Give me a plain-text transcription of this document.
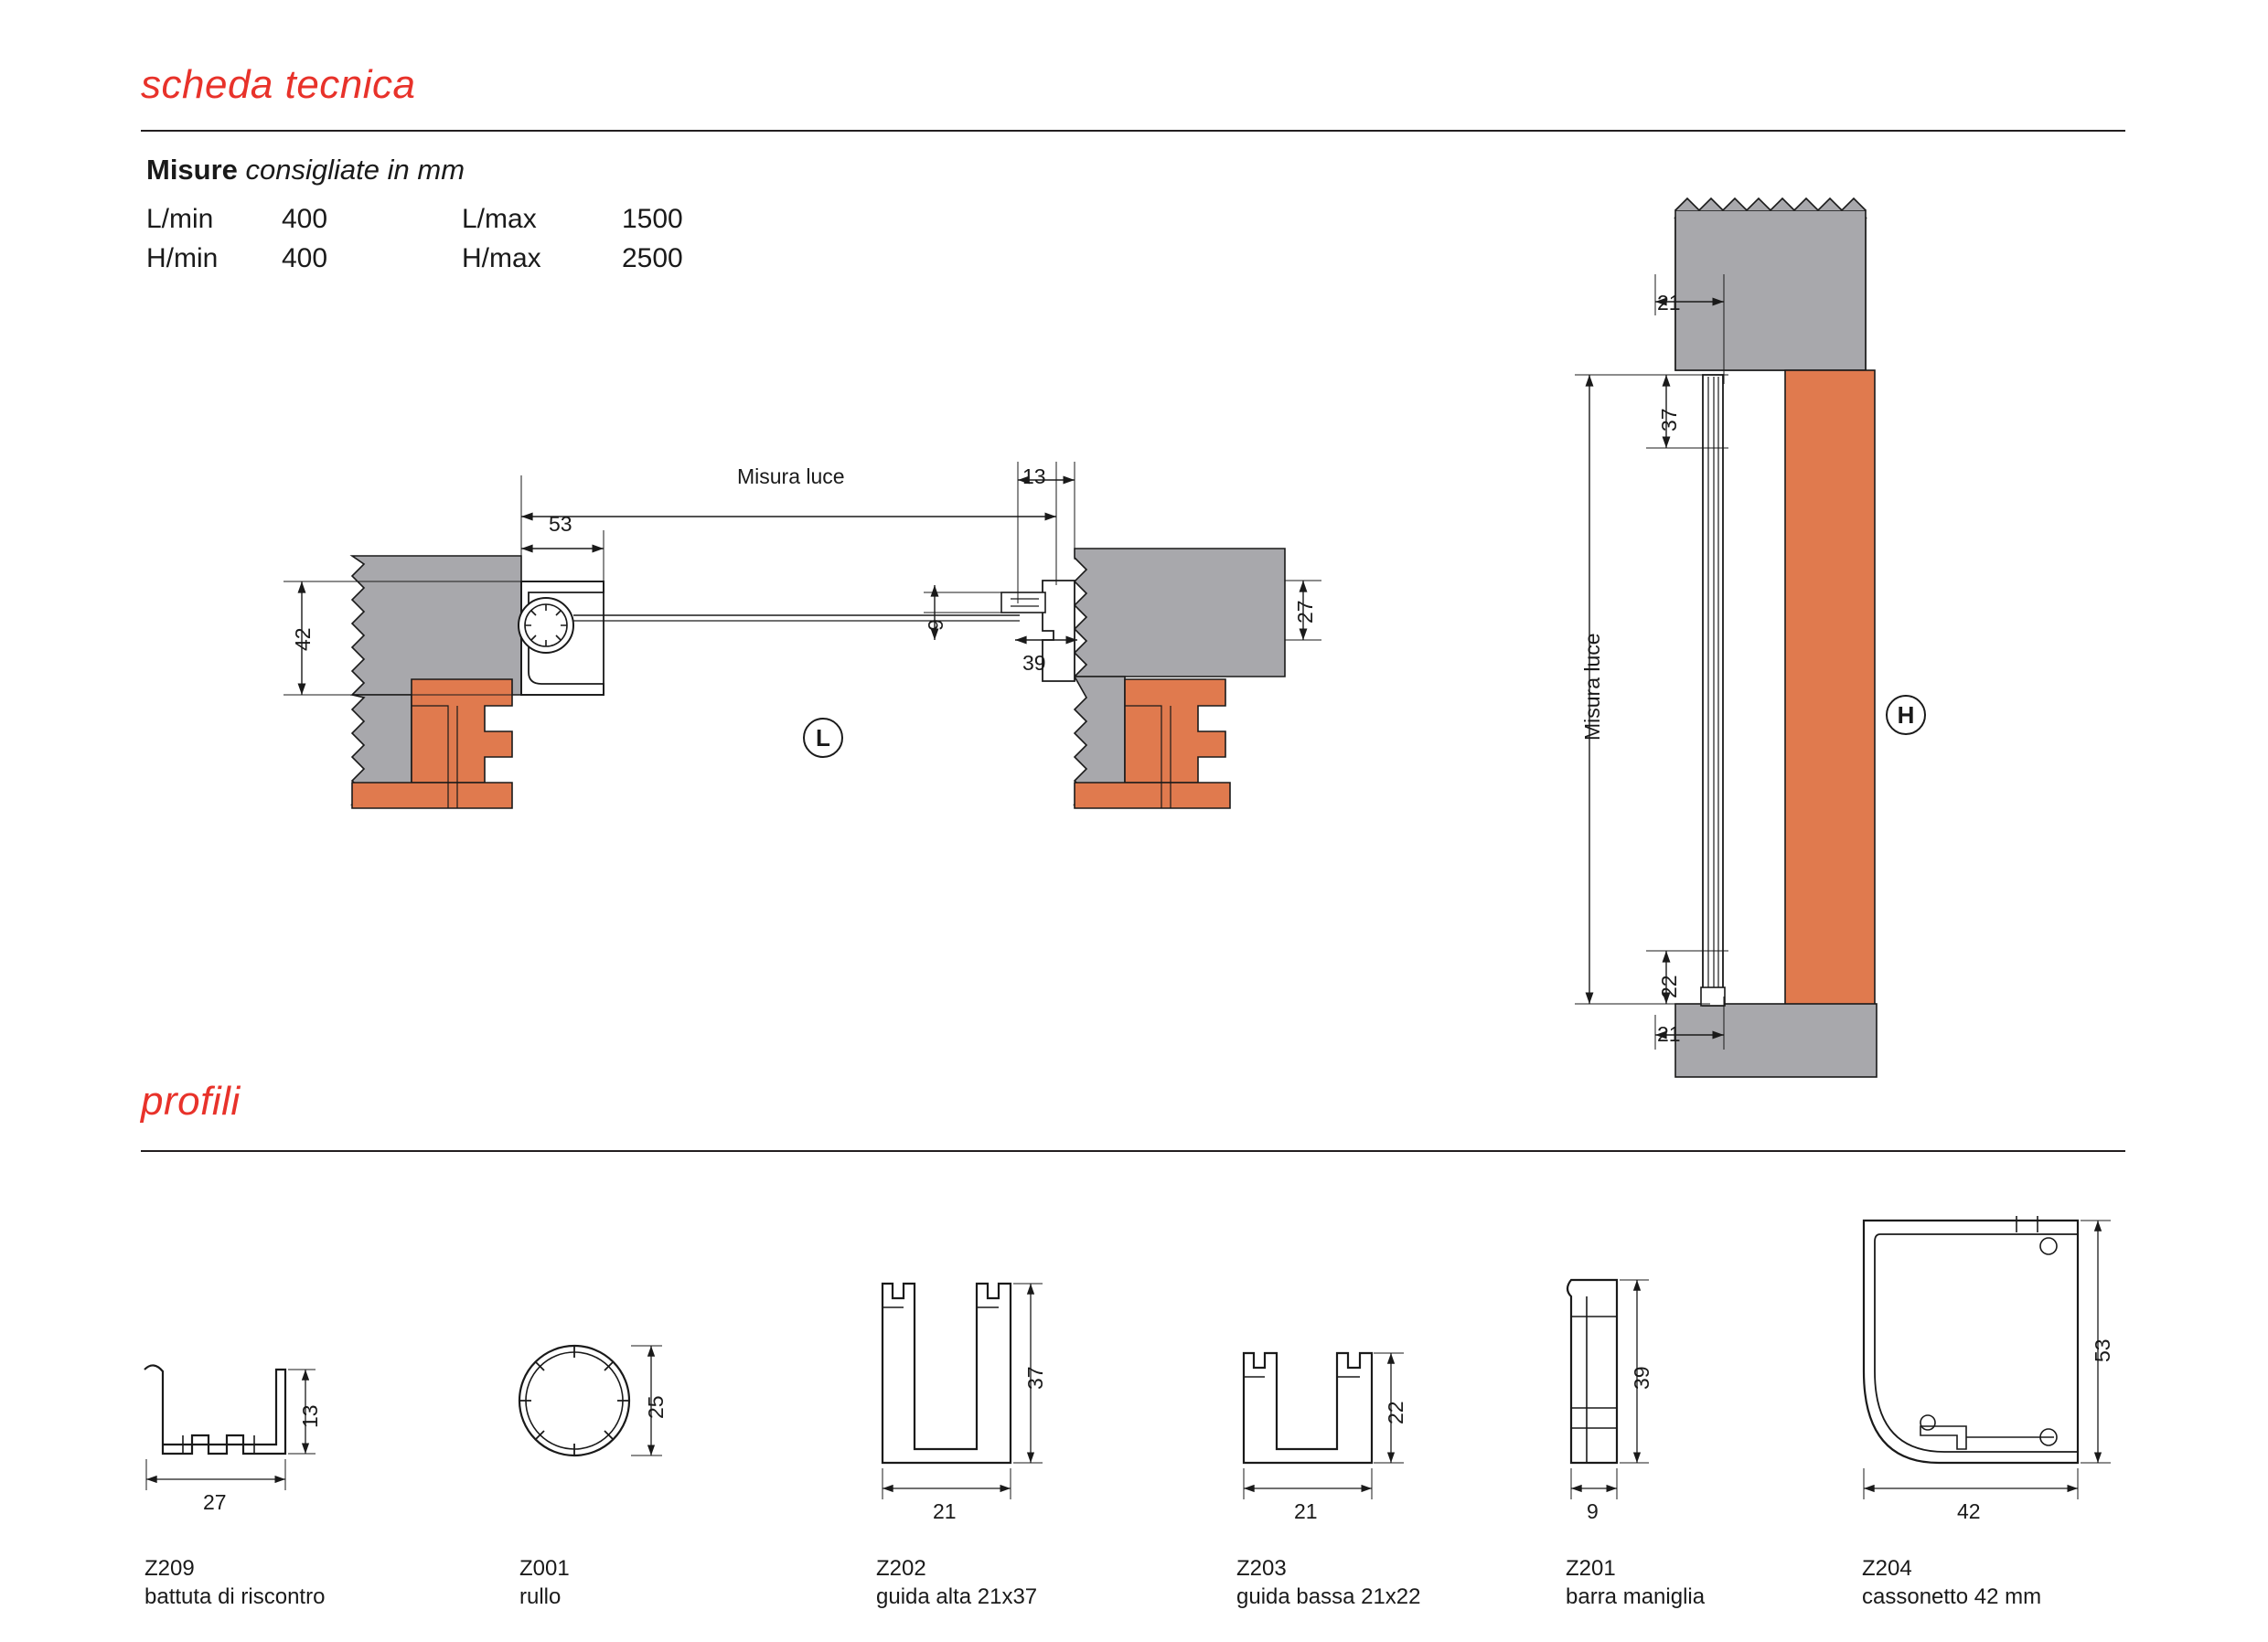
scheda tecnica
Misure consigliate in mm
L/min 400	L/max	1500
H/min 400	H/max	2500
Misura luce	13
53
42
27
39
9
L
21
37
Misura luce
22
21
H
profili
13
27
25
37
21
22
21
39
9
53
42
Z209
battuta di riscontro
Z001
rullo
Z202
guida alta 21x37
Z203
guida bassa 21x22
Z201
barra maniglia
Z204
cassonetto 42 mm
